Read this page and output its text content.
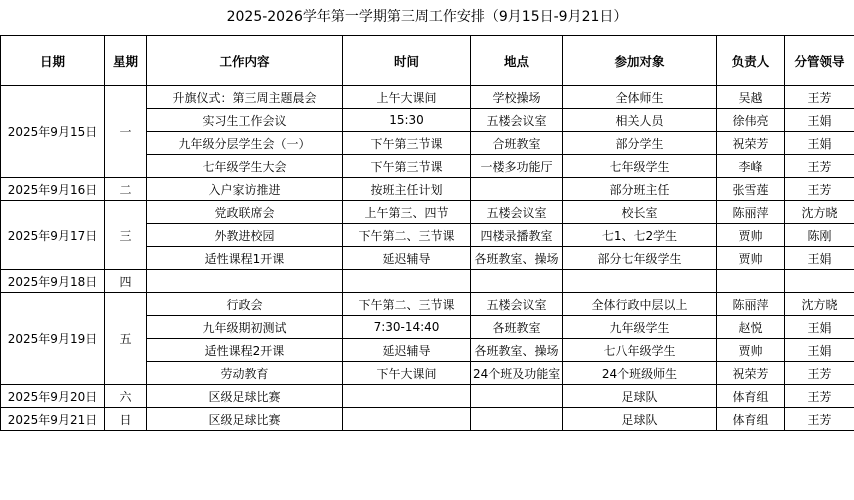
2025-2026学年第一学期第三周工作安排（9月15日-9月21日）
日期	星期	工作内容	时间	地点	参加对象	负责人	分管领导
2025年9月15日	一	升旗仪式：第三周主题晨会	上午大课间	学校操场	全体师生	吴越	王芳
		实习生工作会议	15:30	五楼会议室	相关人员	徐伟亮	王娟
		九年级分层学生会（一）	下午第三节课	合班教室	部分学生	祝荣芳	王娟
		七年级学生大会	下午第三节课	一楼多功能厅	七年级学生	李峰	王芳
2025年9月16日	二	入户家访推进	按班主任计划		部分班主任	张雪莲	王芳
2025年9月17日	三	党政联席会	上午第三、四节	五楼会议室	校长室	陈丽萍	沈方晓
		外教进校园	下午第二、三节课	四楼录播教室	七1、七2学生	贾帅	陈刚
		适性课程1开课	延迟辅导	各班教室、操场	部分七年级学生	贾帅	王娟
2025年9月18日	四						
2025年9月19日	五	行政会	下午第二、三节课	五楼会议室	全体行政中层以上	陈丽萍	沈方晓
		九年级期初测试	7:30-14:40	各班教室	九年级学生	赵悦	王娟
		适性课程2开课	延迟辅导	各班教室、操场	七八年级学生	贾帅	王娟
		劳动教育	下午大课间	24个班及功能室	24个班级师生	祝荣芳	王芳
2025年9月20日	六	区级足球比赛			足球队	体育组	王芳
2025年9月21日	日	区级足球比赛			足球队	体育组	王芳
